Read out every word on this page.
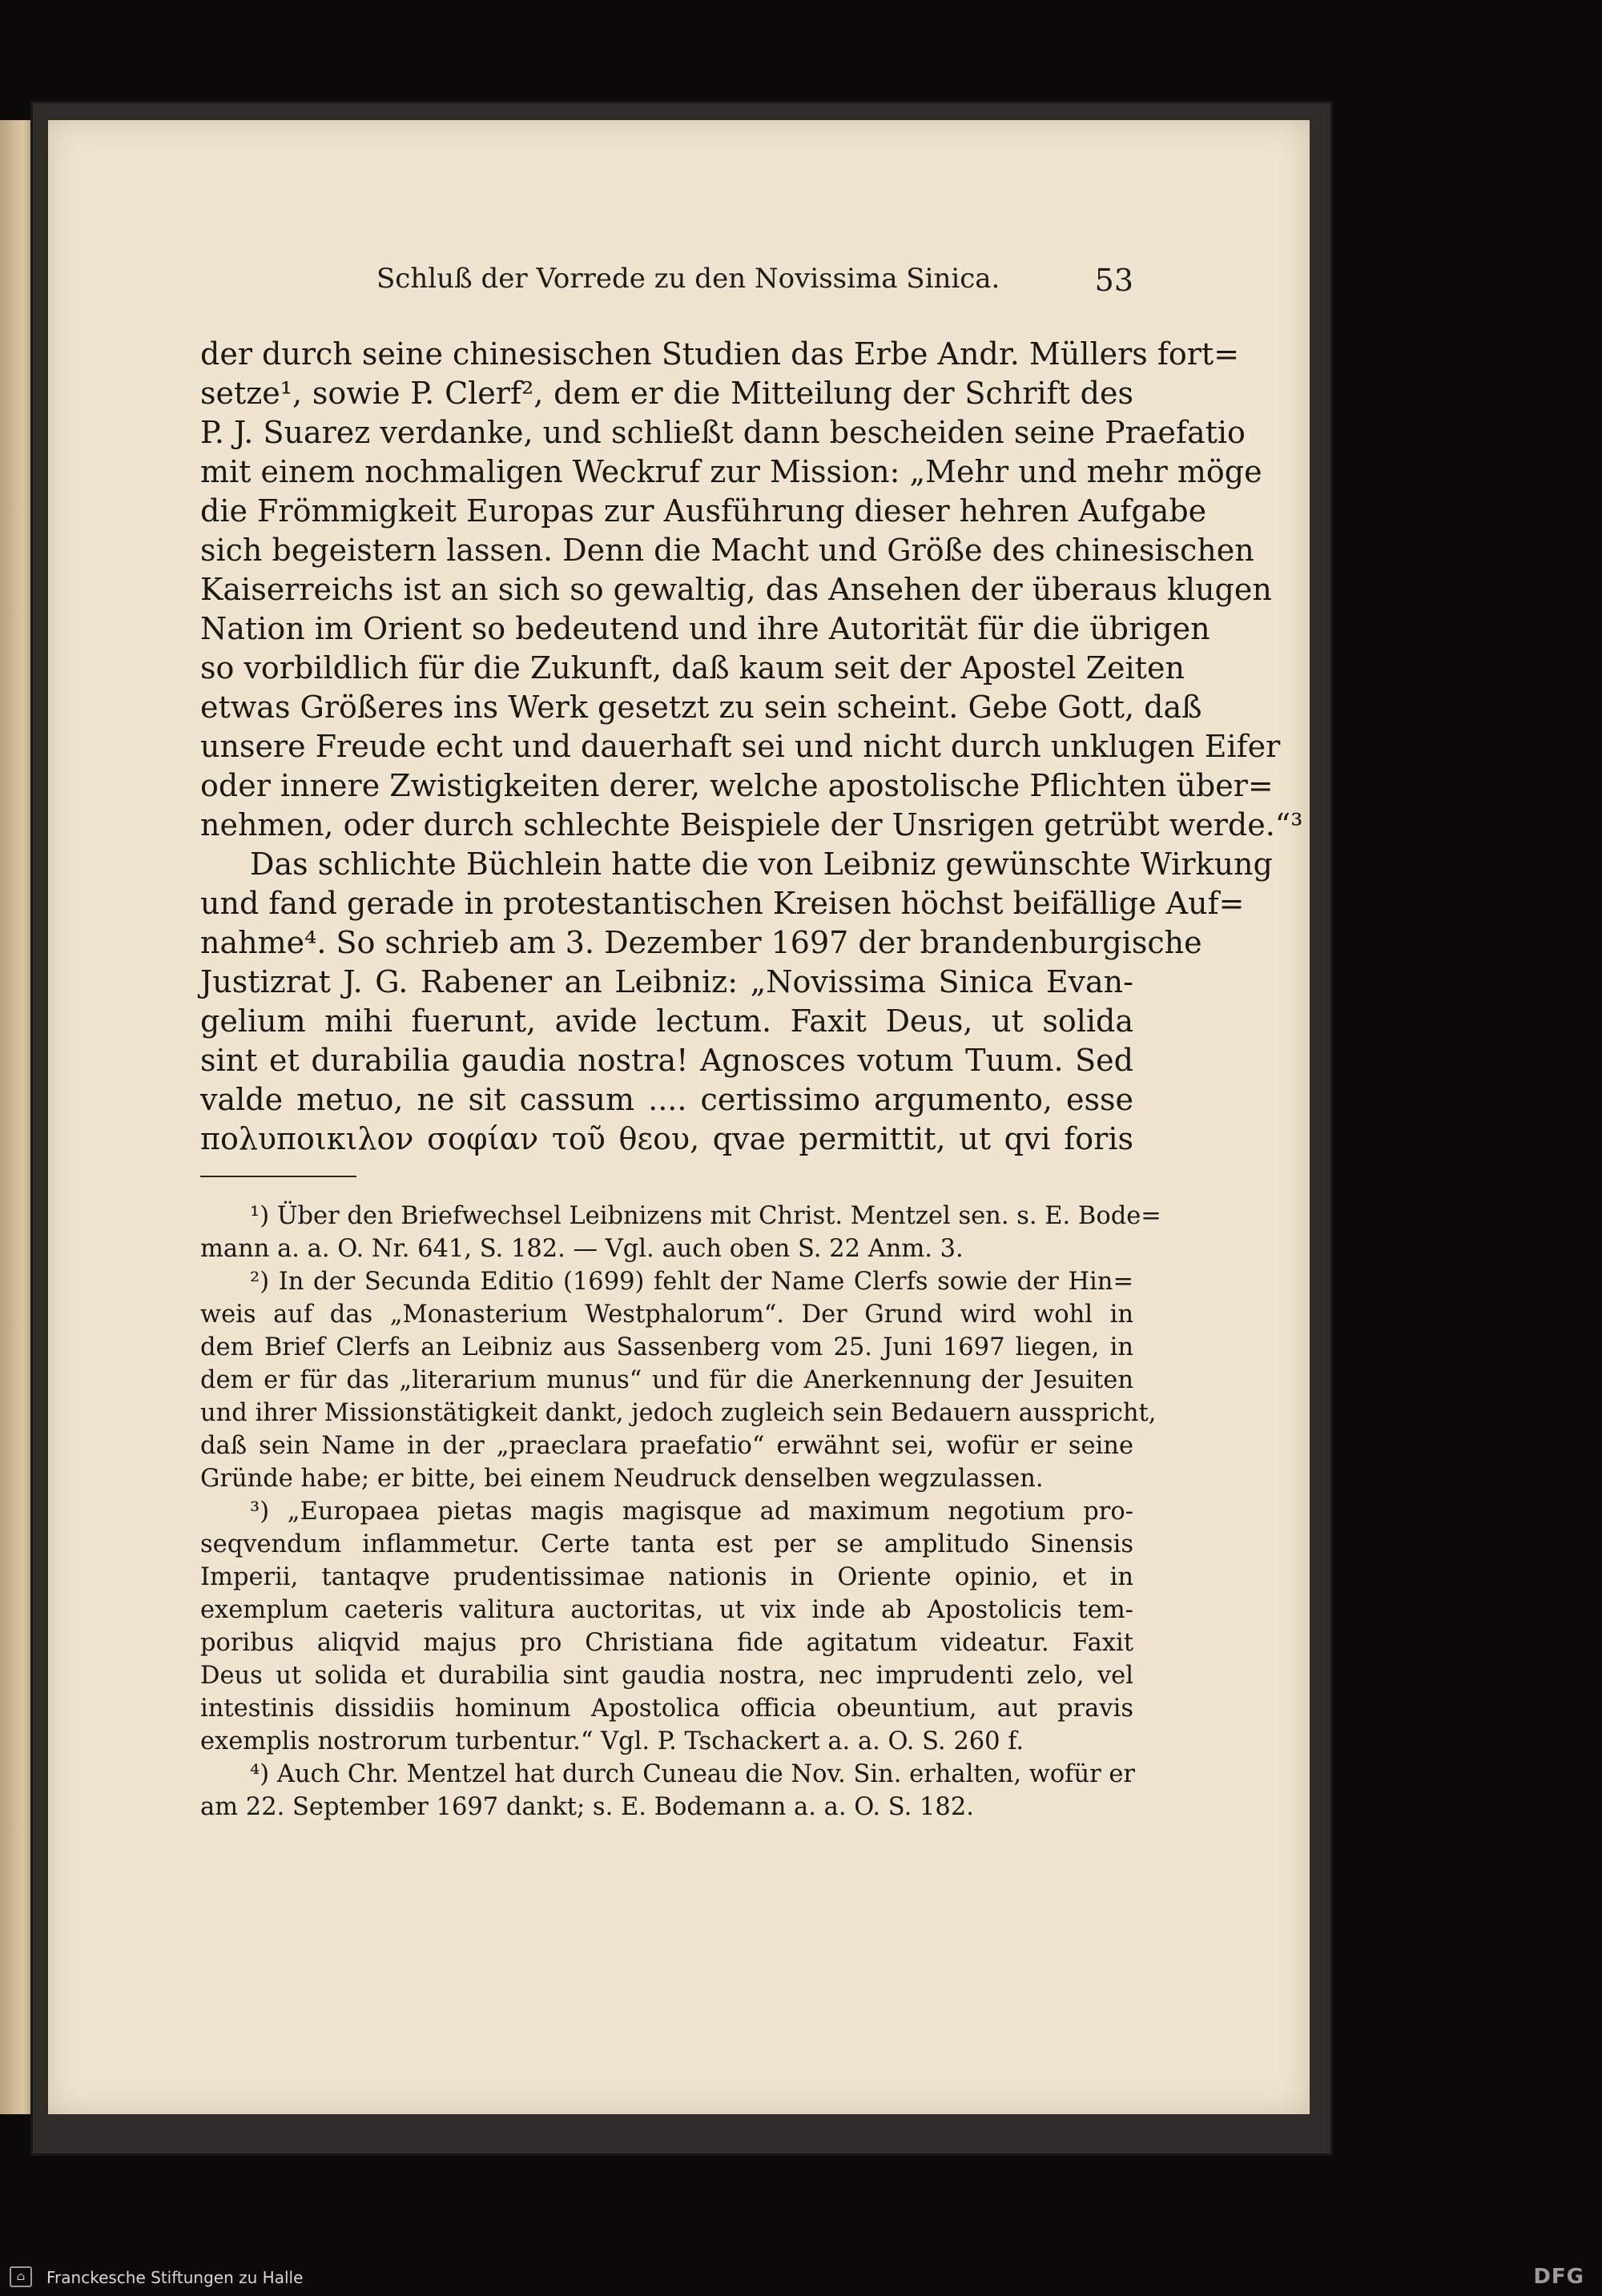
Schluß der Vorrede zu den Novissima Sinica.	53
der durch seine chinesischen Studien das Erbe Andr. Müllers fort=
setze¹, sowie P. Clerf², dem er die Mitteilung der Schrift des
P. J. Suarez verdanke, und schließt dann bescheiden seine Praefatio
mit einem nochmaligen Weckruf zur Mission: „Mehr und mehr möge
die Frömmigkeit Europas zur Ausführung dieser hehren Aufgabe
sich begeistern lassen. Denn die Macht und Größe des chinesischen
Kaiserreichs ist an sich so gewaltig, das Ansehen der überaus klugen
Nation im Orient so bedeutend und ihre Autorität für die übrigen
so vorbildlich für die Zukunft, daß kaum seit der Apostel Zeiten
etwas Größeres ins Werk gesetzt zu sein scheint. Gebe Gott, daß
unsere Freude echt und dauerhaft sei und nicht durch unklugen Eifer
oder innere Zwistigkeiten derer, welche apostolische Pflichten über=
nehmen, oder durch schlechte Beispiele der Unsrigen getrübt werde.“³
Das schlichte Büchlein hatte die von Leibniz gewünschte Wirkung
und fand gerade in protestantischen Kreisen höchst beifällige Auf=
nahme⁴. So schrieb am 3. Dezember 1697 der brandenburgische
Justizrat J. G. Rabener an Leibniz: „Novissima Sinica Evan-
gelium mihi fuerunt, avide lectum. Faxit Deus, ut solida
sint et durabilia gaudia nostra! Agnosces votum Tuum. Sed
valde metuo, ne sit cassum .... certissimo argumento, esse
πολυποικιλον σοφίαν τοῦ θεου, qvae permittit, ut qvi foris
¹) Über den Briefwechsel Leibnizens mit Christ. Mentzel sen. s. E. Bode=
mann a. a. O. Nr. 641, S. 182. — Vgl. auch oben S. 22 Anm. 3.
²) In der Secunda Editio (1699) fehlt der Name Clerfs sowie der Hin=
weis auf das „Monasterium Westphalorum“. Der Grund wird wohl in
dem Brief Clerfs an Leibniz aus Sassenberg vom 25. Juni 1697 liegen, in
dem er für das „literarium munus“ und für die Anerkennung der Jesuiten
und ihrer Missionstätigkeit dankt, jedoch zugleich sein Bedauern ausspricht,
daß sein Name in der „praeclara praefatio“ erwähnt sei, wofür er seine
Gründe habe; er bitte, bei einem Neudruck denselben wegzulassen.
³) „Europaea pietas magis magisque ad maximum negotium pro-
seqvendum inflammetur. Certe tanta est per se amplitudo Sinensis
Imperii, tantaqve prudentissimae nationis in Oriente opinio, et in
exemplum caeteris valitura auctoritas, ut vix inde ab Apostolicis tem-
poribus aliqvid majus pro Christiana fide agitatum videatur. Faxit
Deus ut solida et durabilia sint gaudia nostra, nec imprudenti zelo, vel
intestinis dissidiis hominum Apostolica officia obeuntium, aut pravis
exemplis nostrorum turbentur.“ Vgl. P. Tschackert a. a. O. S. 260 f.
⁴) Auch Chr. Mentzel hat durch Cuneau die Nov. Sin. erhalten, wofür er
am 22. September 1697 dankt; s. E. Bodemann a. a. O. S. 182.
⌂	Franckesche Stiftungen zu Halle	DFG
